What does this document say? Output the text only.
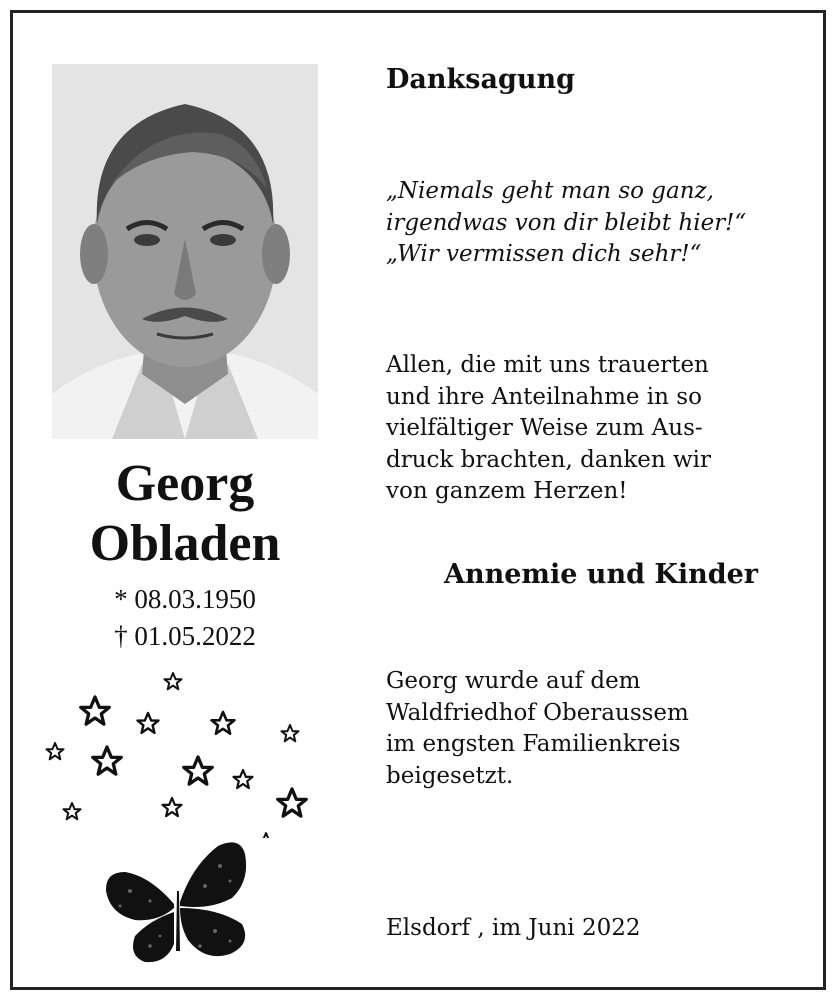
Georg
Obladen
* 08.03.1950
† 01.05.2022
Danksagung
„Niemals geht man so ganz,
irgendwas von dir bleibt hier!“
„Wir vermissen dich sehr!“
Allen, die mit uns trauerten
und ihre Anteilnahme in so
vielfältiger Weise zum Aus-
druck brachten, danken wir
von ganzem Herzen!
Annemie und Kinder
Georg wurde auf dem
Waldfriedhof Oberaussem
im engsten Familienkreis
beigesetzt.
Elsdorf , im Juni 2022
